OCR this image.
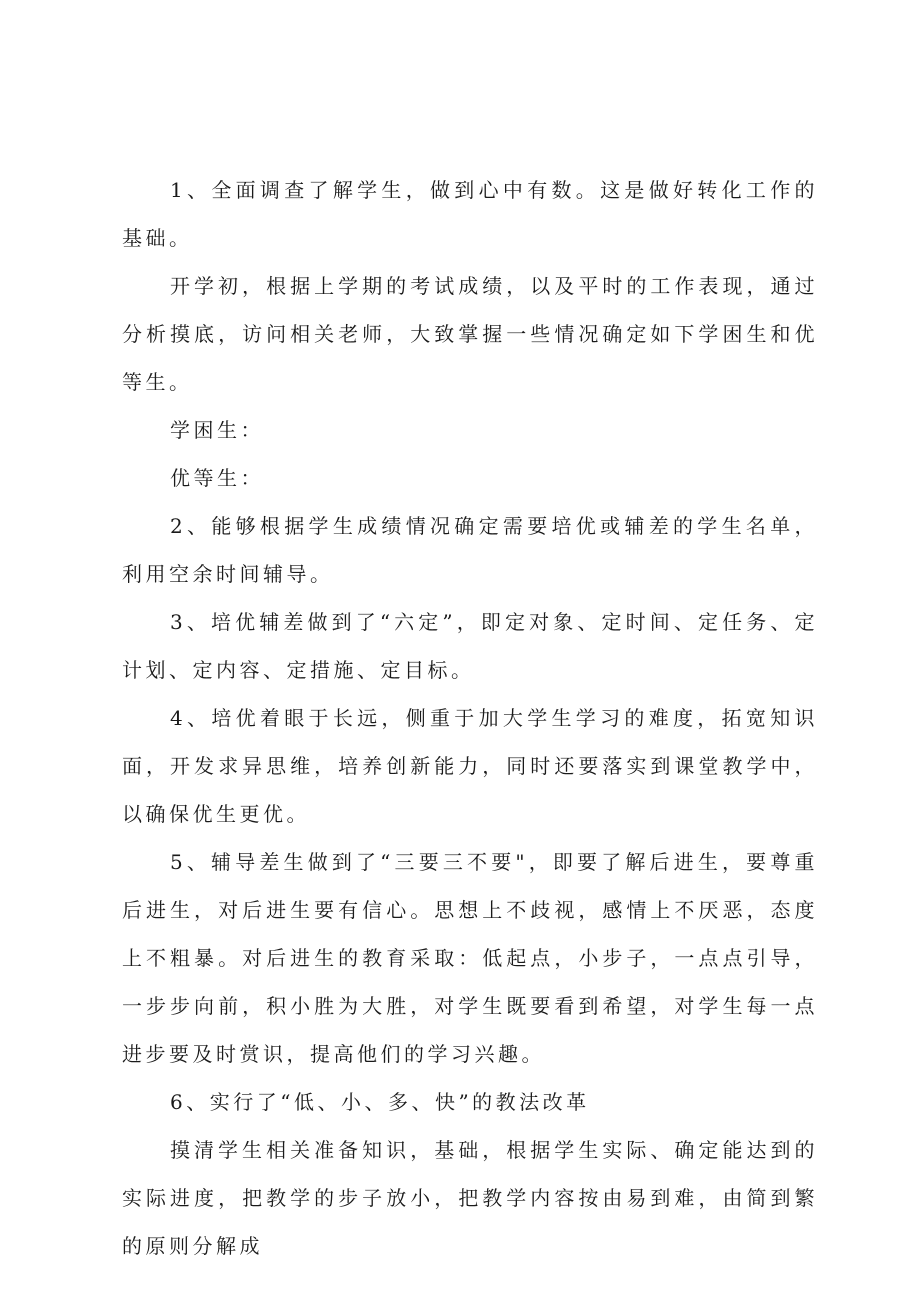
1、全面调查了解学生，做到心中有数。这是做好转化工作的基础。

开学初，根据上学期的考试成绩，以及平时的工作表现，通过分析摸底，访问相关老师，大致掌握一些情况确定如下学困生和优等生。

学困生：

优等生：

2、能够根据学生成绩情况确定需要培优或辅差的学生名单，利用空余时间辅导。

3、培优辅差做到了“六定”，即定对象、定时间、定任务、定计划、定内容、定措施、定目标。

4、培优着眼于长远，侧重于加大学生学习的难度，拓宽知识面，开发求异思维，培养创新能力，同时还要落实到课堂教学中，以确保优生更优。

5、辅导差生做到了“三要三不要"，即要了解后进生，要尊重后进生，对后进生要有信心。思想上不歧视，感情上不厌恶，态度上不粗暴。对后进生的教育采取：低起点，小步子，一点点引导，一步步向前，积小胜为大胜，对学生既要看到希望，对学生每一点进步要及时赏识，提高他们的学习兴趣。

6、实行了“低、小、多、快”的教法改革

摸清学生相关准备知识，基础，根据学生实际、确定能达到的实际进度，把教学的步子放小，把教学内容按由易到难，由简到繁的原则分解成
